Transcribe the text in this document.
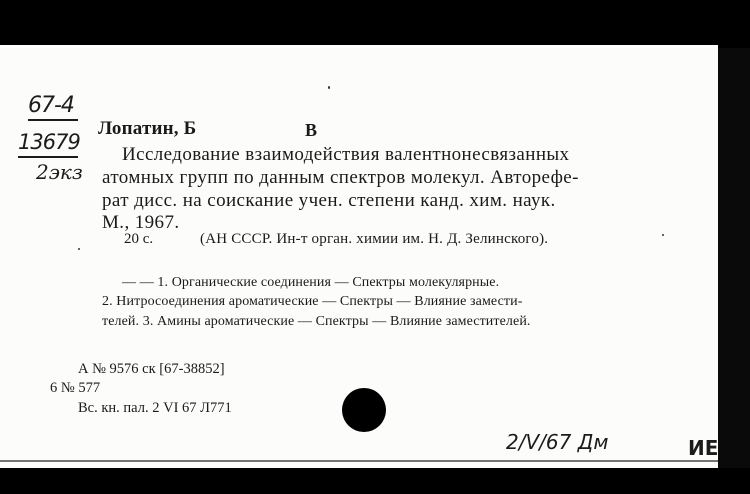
67-4
13679
2экз
Лопатин, Б	В
Исследование взаимодействия валентнонесвязанных
атомных групп по данным спектров молекул. Авторефе-
рат дисс. на соискание учен. степени канд. хим. наук.
М., 1967.
20 с.	(АН СССР. Ин-т орган. химии им. Н. Д. Зелинского).
— — 1. Органические соединения — Спектры молекулярные.
2. Нитросоединения ароматические — Спектры — Влияние замести-
телей. 3. Амины ароматические — Спектры — Влияние заместителей.
А № 9576 ск [67-38852]
6 № 577
Вс. кн. пал. 2 VI 67 Л771
2/V/67 Дм	ИЕ
